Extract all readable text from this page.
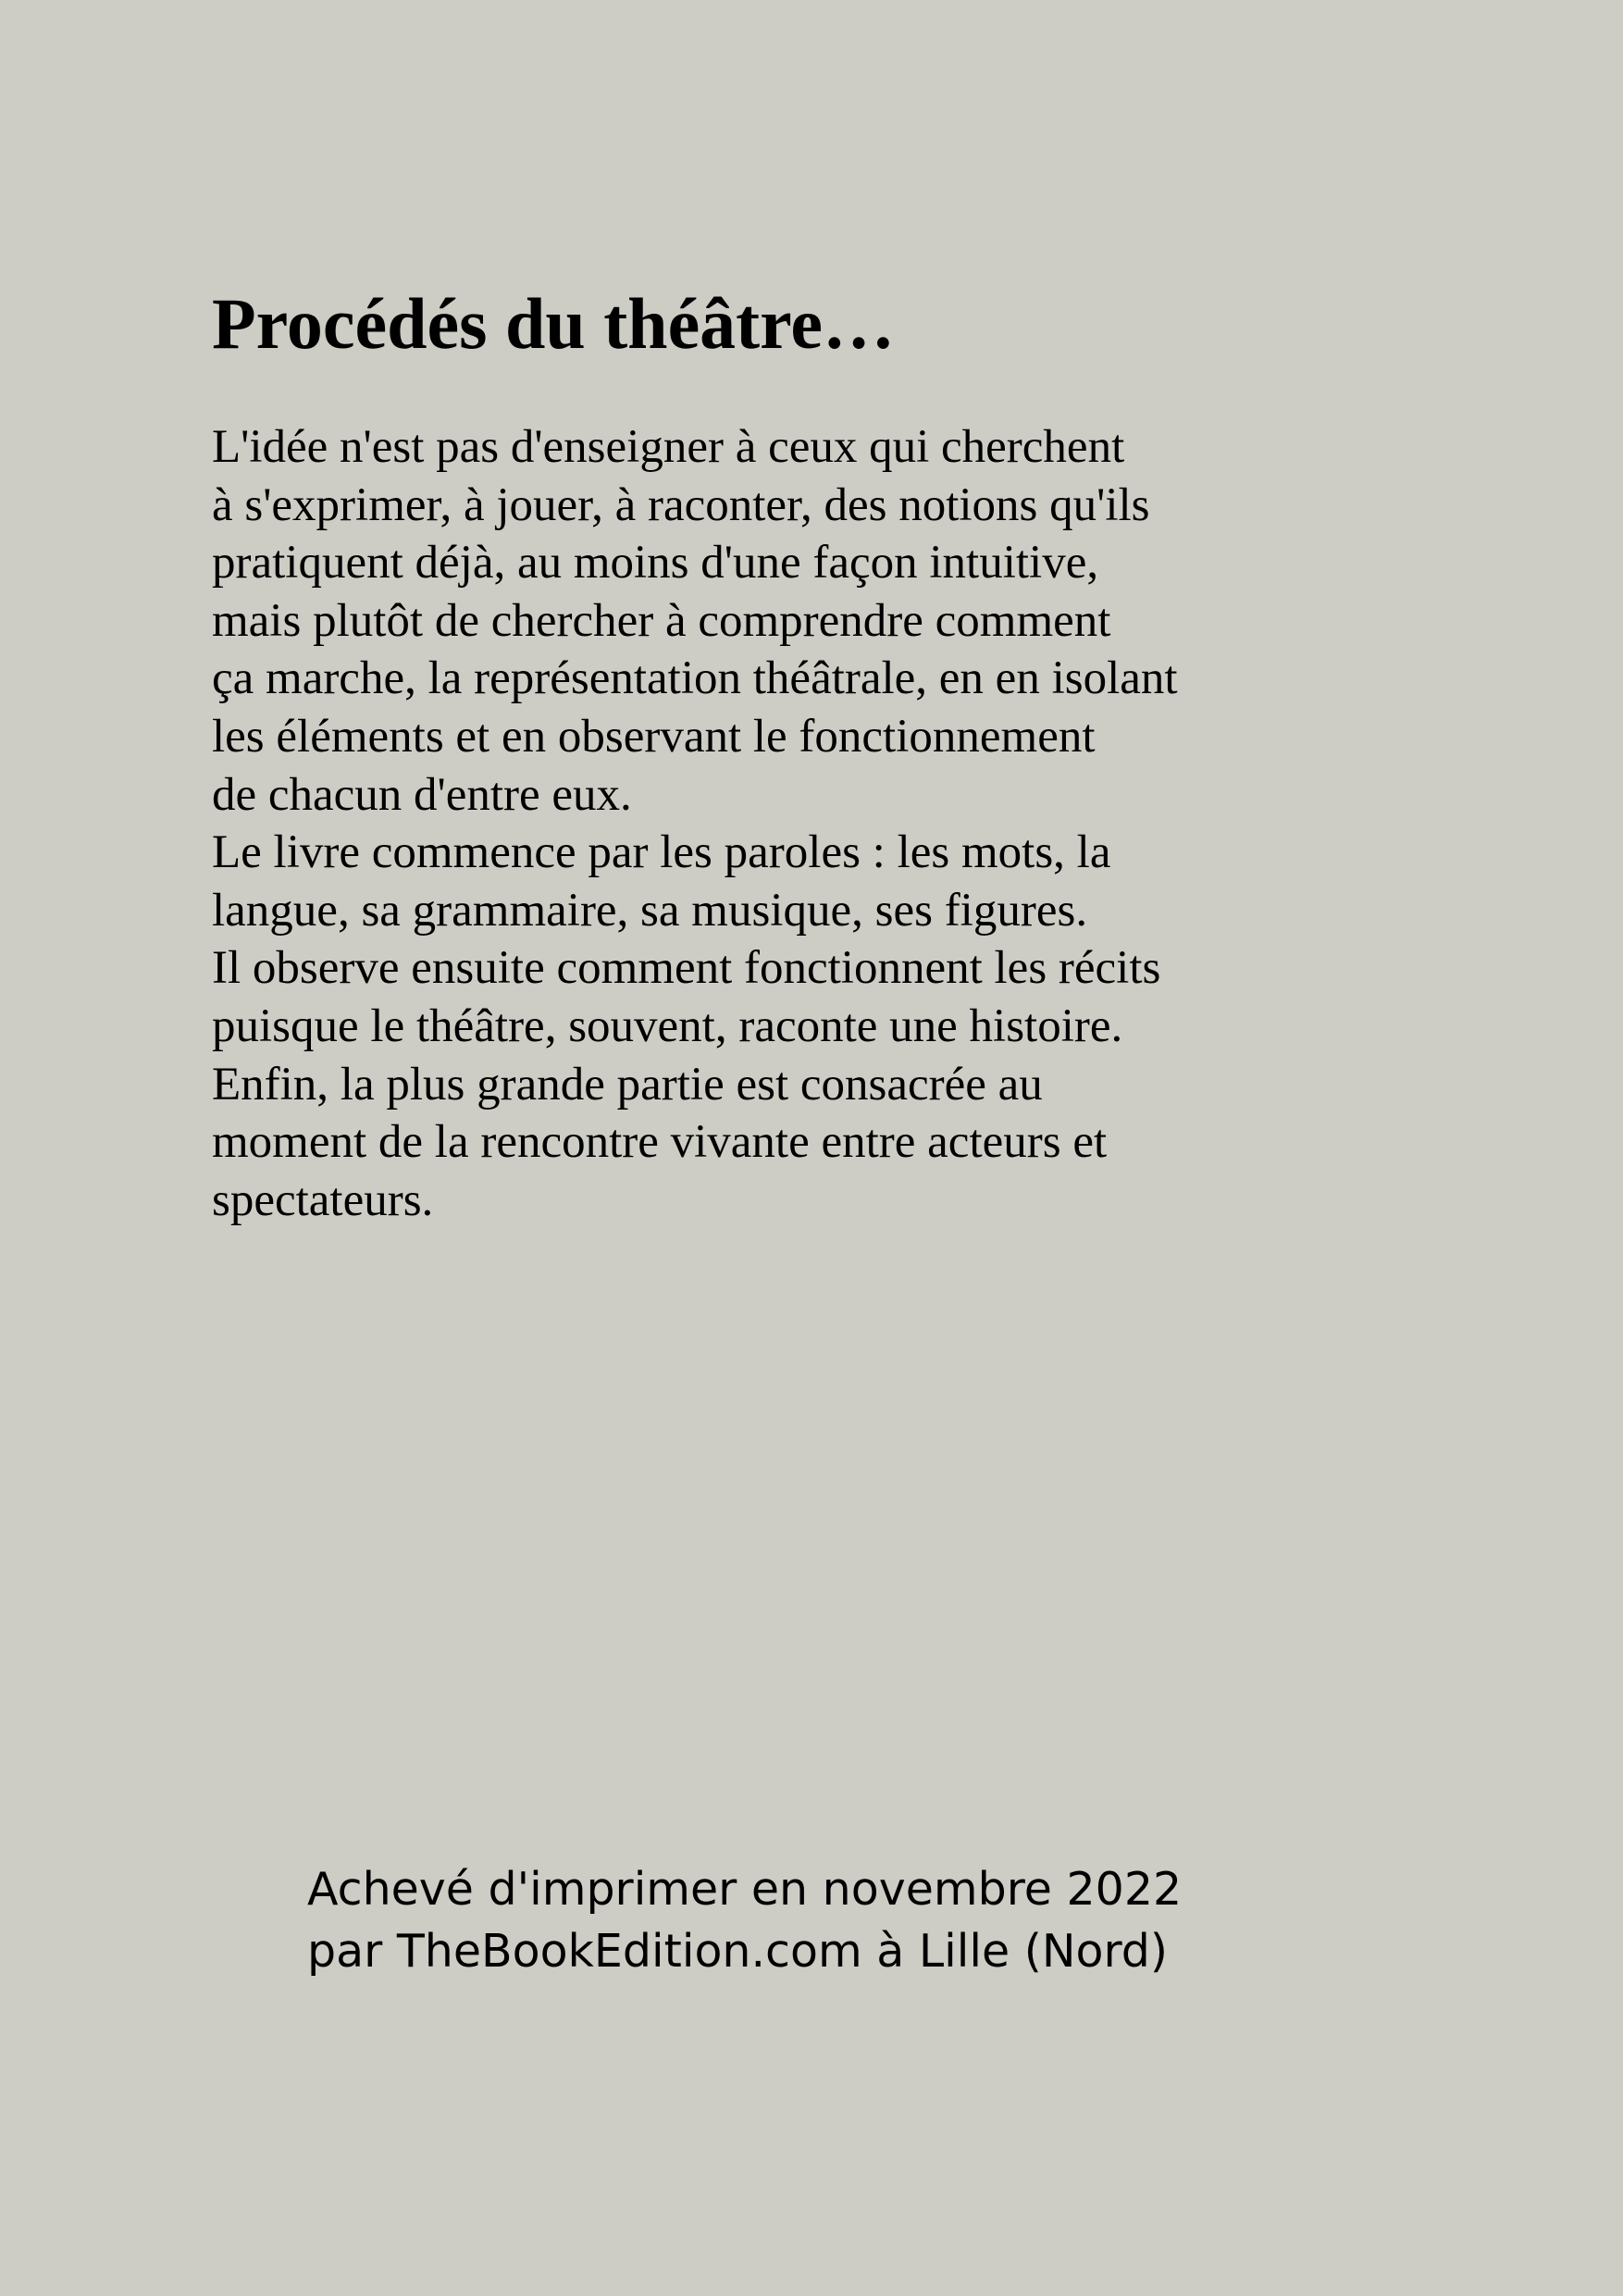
Procédés du théâtre…
L'idée n'est pas d'enseigner à ceux qui cherchent
à s'exprimer, à jouer, à raconter, des notions qu'ils
pratiquent déjà, au moins d'une façon intuitive,
mais plutôt de chercher à comprendre comment
ça marche, la représentation théâtrale, en en isolant
les éléments et en observant le fonctionnement
de chacun d'entre eux.
Le livre commence par les paroles : les mots, la
langue, sa grammaire, sa musique, ses figures.
Il observe ensuite comment fonctionnent les récits
puisque le théâtre, souvent, raconte une histoire.
Enfin, la plus grande partie est consacrée au
moment de la rencontre vivante entre acteurs et
spectateurs.
Achevé d'imprimer en novembre 2022
par TheBookEdition.com à Lille (Nord)
